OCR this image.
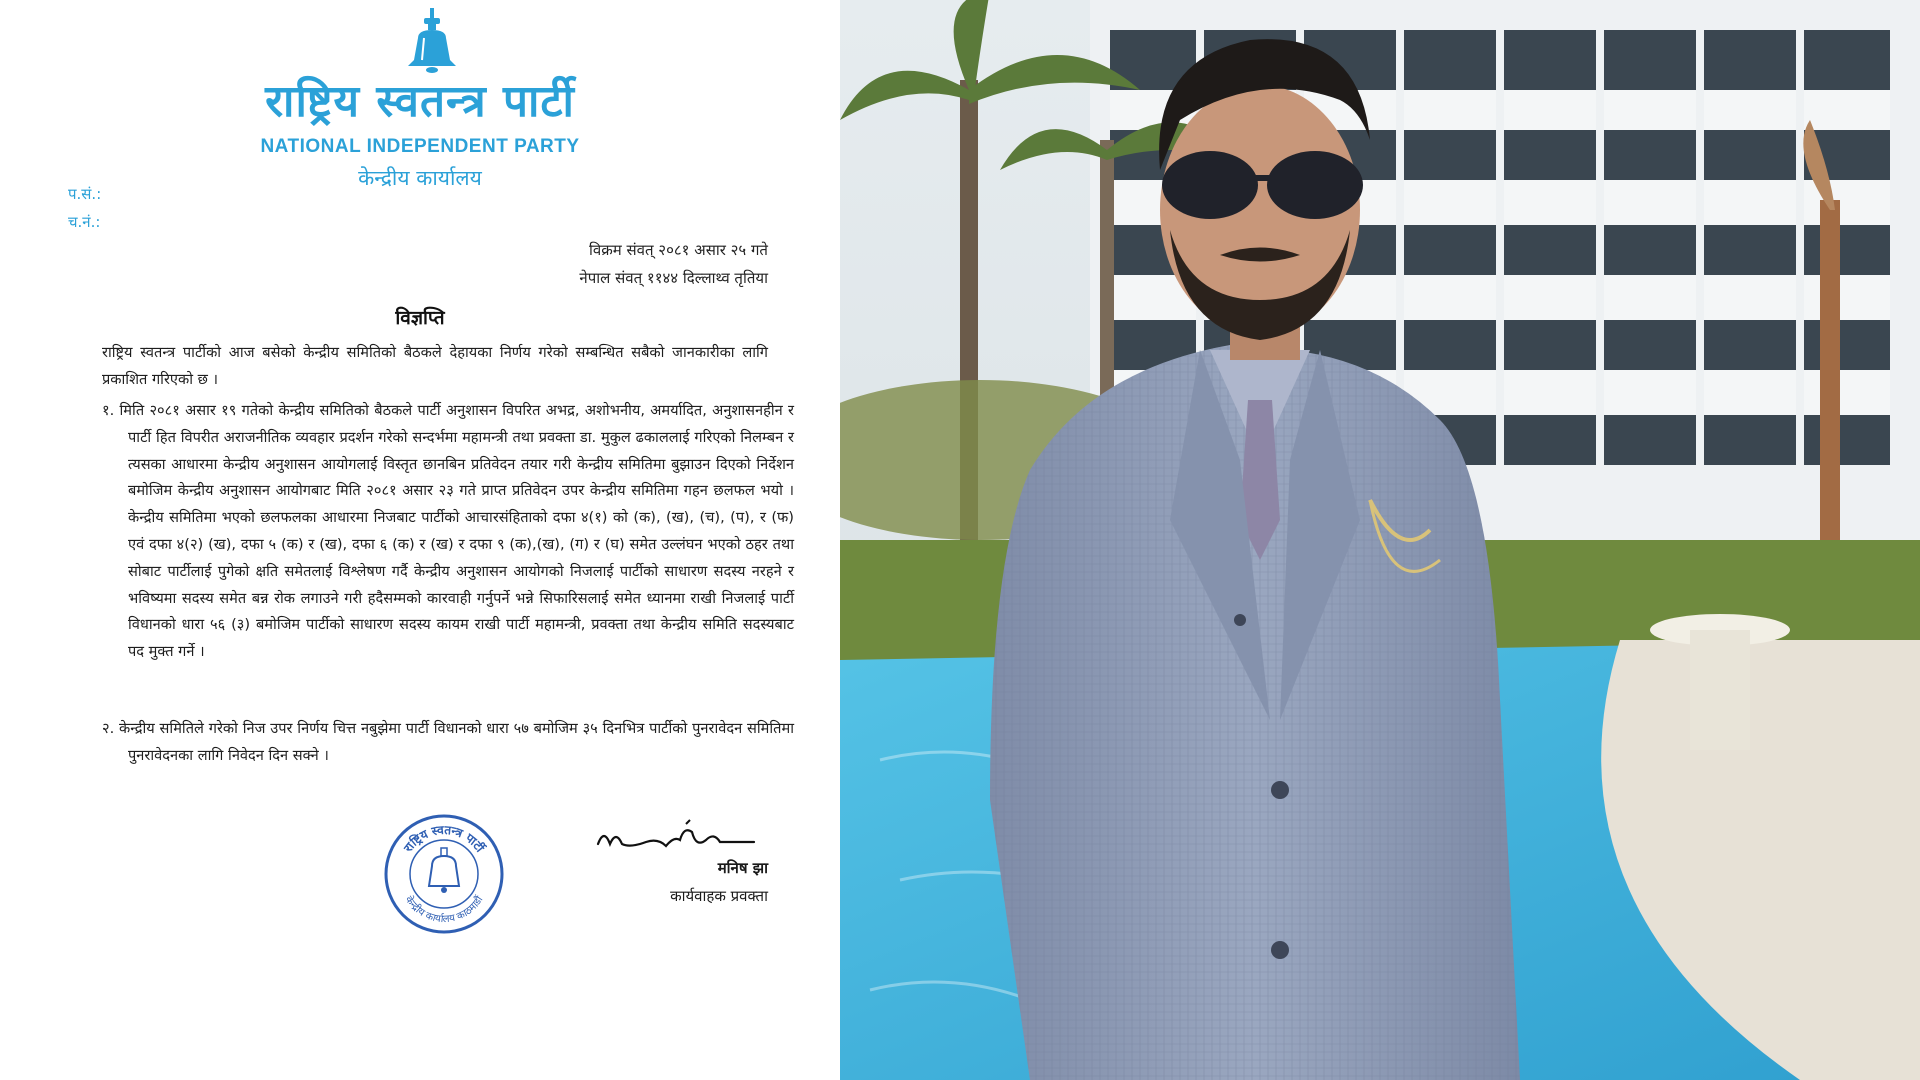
राष्ट्रिय स्वतन्त्र पार्टी
NATIONAL INDEPENDENT PARTY
केन्द्रीय कार्यालय
प.सं.:
च.नं.:
विक्रम संवत् २०८१ असार २५ गते
नेपाल संवत् ११४४ दिल्लाथ्व तृतिया
विज्ञप्ति
राष्ट्रिय स्वतन्त्र पार्टीको आज बसेको केन्द्रीय समितिको बैठकले देहायका निर्णय गरेको सम्बन्धित सबैको जानकारीका लागि प्रकाशित गरिएको छ ।
१. मिति २०८१ असार १९ गतेको केन्द्रीय समितिको बैठकले पार्टी अनुशासन विपरित अभद्र, अशोभनीय, अमर्यादित, अनुशासनहीन र पार्टी हित विपरीत अराजनीतिक व्यवहार प्रदर्शन गरेको सन्दर्भमा महामन्त्री तथा प्रवक्ता डा. मुकुल ढकाललाई गरिएको निलम्बन र त्यसका आधारमा केन्द्रीय अनुशासन आयोगलाई विस्तृत छानबिन प्रतिवेदन तयार गरी केन्द्रीय समितिमा बुझाउन दिएको निर्देशन बमोजिम केन्द्रीय अनुशासन आयोगबाट मिति २०८१ असार २३ गते प्राप्त प्रतिवेदन उपर केन्द्रीय समितिमा गहन छलफल भयो । केन्द्रीय समितिमा भएको छलफलका आधारमा निजबाट पार्टीको आचारसंहिताको दफा ४(१) को (क), (ख), (च), (प), र (फ) एवं दफा ४(२) (ख), दफा ५ (क) र (ख), दफा ६ (क) र (ख) र दफा ९ (क),(ख), (ग) र (घ) समेत उल्लंघन भएको ठहर तथा सोबाट पार्टीलाई पुगेको क्षति समेतलाई विश्लेषण गर्दै केन्द्रीय अनुशासन आयोगको निजलाई पार्टीको साधारण सदस्य नरहने र भविष्यमा सदस्य समेत बन्न रोक लगाउने गरी हदैसम्मको कारवाही गर्नुपर्ने भन्ने सिफारिसलाई समेत ध्यानमा राखी निजलाई पार्टी विधानको धारा ५६ (३) बमोजिम पार्टीको साधारण सदस्य कायम राखी पार्टी महामन्त्री, प्रवक्ता तथा केन्द्रीय समिति सदस्यबाट पद मुक्त गर्ने ।
२. केन्द्रीय समितिले गरेको निज उपर निर्णय चित्त नबुझेमा पार्टी विधानको धारा ५७ बमोजिम ३५ दिनभित्र पार्टीको पुनरावेदन समितिमा पुनरावेदनका लागि निवेदन दिन सक्ने ।
राष्ट्रिय स्वतन्त्र पार्टी
केन्द्रीय कार्यालय काठमाडौं
मनिष झा
कार्यवाहक प्रवक्ता
